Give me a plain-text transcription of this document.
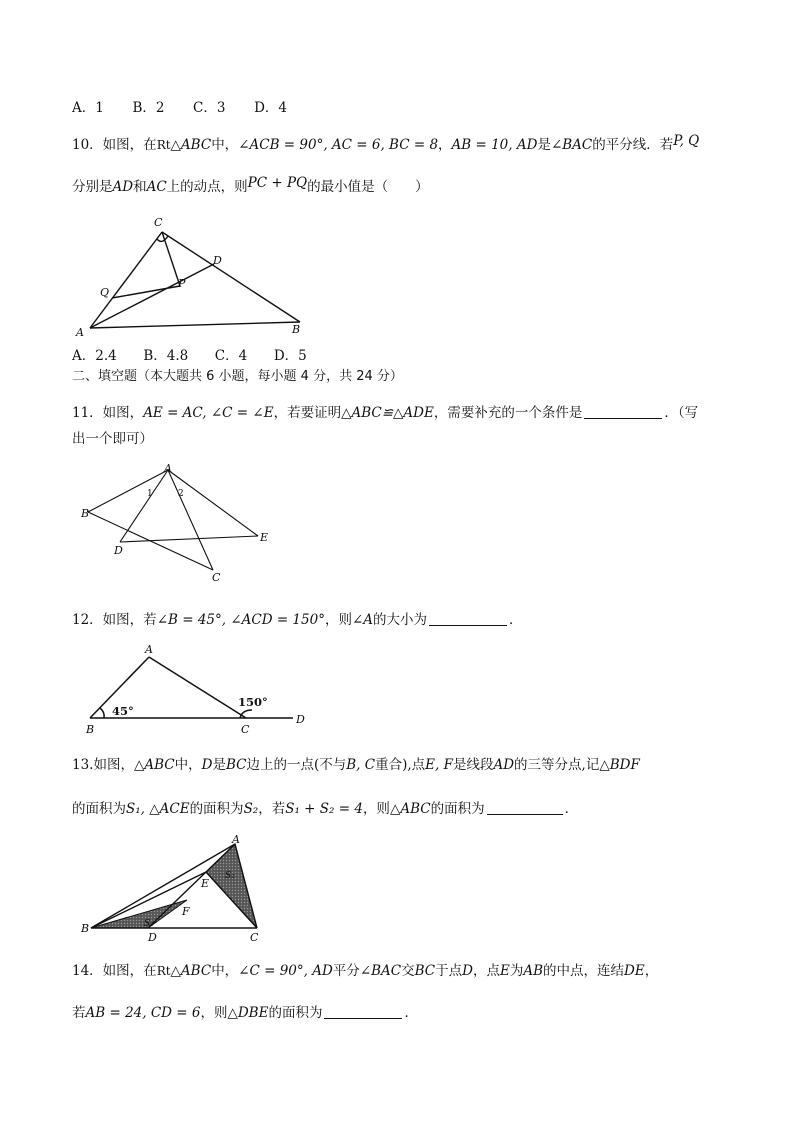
A．1 B．2 C．3 D．4
10．如图，在Rt△ABC中，∠ACB = 90°, AC = 6, BC = 8，AB = 10, AD是∠BAC的平分线．若P, Q
分别是AD和AC上的动点，则PC + PQ的最小值是（　　）
C
D
Q
P
A	B
A．2.4 B．4.8 C．4 D．5
二、填空题（本大题共 6 小题，每小题 4 分，共 24 分）
11．如图，AE = AC, ∠C = ∠E，若要证明△ABC≌△ADE，需要补充的一个条件是	．（写
出一个即可）
A
B
D
E
C
1	2
12．如图，若∠B = 45°, ∠ACD = 150°，则∠A的大小为	．
A
B	C
D
45°
150°
13.如图，△ABC中，D是BC边上的一点(不与B, C重合),点E, F是线段AD的三等分点,记△BDF
的面积为S₁, △ACE的面积为S₂，若S₁ + S₂ = 4，则△ABC的面积为	．
A
E
F
B
D	C
S₁
S₂
14．如图，在Rt△ABC中，∠C = 90°, AD平分∠BAC交BC于点D，点E为AB的中点，连结DE，
若AB = 24, CD = 6，则△DBE的面积为	．
